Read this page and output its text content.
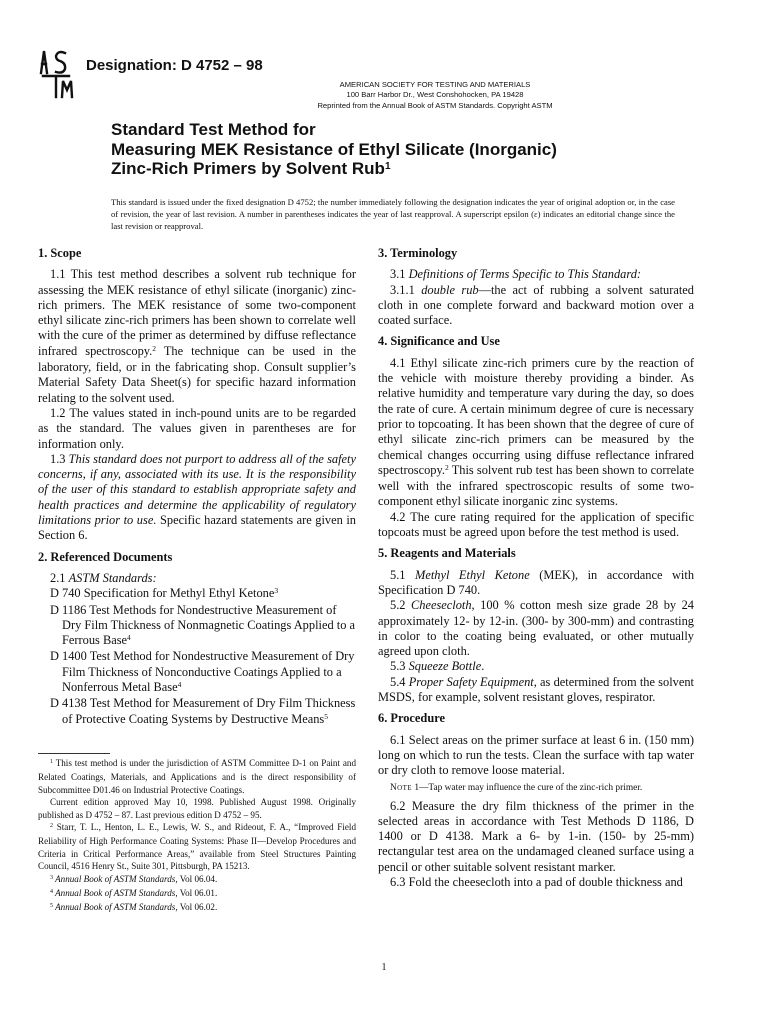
Designation: D 4752 – 98
AMERICAN SOCIETY FOR TESTING AND MATERIALS
100 Barr Harbor Dr., West Conshohocken, PA 19428
Reprinted from the Annual Book of ASTM Standards. Copyright ASTM
Standard Test Method for
Measuring MEK Resistance of Ethyl Silicate (Inorganic)
Zinc-Rich Primers by Solvent Rub$^1$
This standard is issued under the fixed designation D 4752; the number immediately following the designation indicates the year of original adoption or, in the case of revision, the year of last revision. A number in parentheses indicates the year of last reapproval. A superscript epsilon (ε) indicates an editorial change since the last revision or reapproval.
1. Scope

1.1 This test method describes a solvent rub technique for assessing the MEK resistance of ethyl silicate (inorganic) zinc-rich primers. The MEK resistance of some two-component ethyl silicate zinc-rich primers has been shown to correlate well with the cure of the primer as determined by diffuse reflectance infrared spectroscopy.$^2$ The technique can be used in the laboratory, field, or in the fabricating shop. Consult supplier’s Material Safety Data Sheet(s) for specific hazard information relating to the solvent used.

1.2 The values stated in inch-pound units are to be regarded as the standard. The values given in parentheses are for information only.

1.3 This standard does not purport to address all of the safety concerns, if any, associated with its use. It is the responsibility of the user of this standard to establish appropriate safety and health practices and determine the applicability of regulatory limitations prior to use. Specific hazard statements are given in Section 6.

2. Referenced Documents

2.1 ASTM Standards:

D 740 Specification for Methyl Ethyl Ketone$^3$

D 1186 Test Methods for Nondestructive Measurement of Dry Film Thickness of Nonmagnetic Coatings Applied to a Ferrous Base$^4$

D 1400 Test Method for Nondestructive Measurement of Dry Film Thickness of Nonconductive Coatings Applied to a Nonferrous Metal Base$^4$

D 4138 Test Method for Measurement of Dry Film Thickness of Protective Coating Systems by Destructive Means$^5$

$^1$ This test method is under the jurisdiction of ASTM Committee D-1 on Paint and Related Coatings, Materials, and Applications and is the direct responsibility of Subcommittee D01.46 on Industrial Protective Coatings.

Current edition approved May 10, 1998. Published August 1998. Originally published as D 4752 – 87. Last previous edition D 4752 – 95.

$^2$ Starr, T. L., Henton, L. E., Lewis, W. S., and Rideout, F. A., “Improved Field Reliability of High Performance Coating Systems: Phase II—Develop Procedures and Criteria in Critical Performance Areas,” available from Steel Structures Painting Council, 4516 Henry St., Suite 301, Pittsburgh, PA 15213.

$^3$ Annual Book of ASTM Standards, Vol 06.04.

$^4$ Annual Book of ASTM Standards, Vol 06.01.

$^5$ Annual Book of ASTM Standards, Vol 06.02.

3. Terminology

3.1 Definitions of Terms Specific to This Standard:

3.1.1 double rub—the act of rubbing a solvent saturated cloth in one complete forward and backward motion over a coated surface.

4. Significance and Use

4.1 Ethyl silicate zinc-rich primers cure by the reaction of the vehicle with moisture thereby providing a binder. As relative humidity and temperature vary during the day, so does the rate of cure. A certain minimum degree of cure is necessary prior to topcoating. It has been shown that the degree of cure of ethyl silicate zinc-rich primers can be measured by the chemical changes occurring using diffuse reflectance infrared spectroscopy.$^2$ This solvent rub test has been shown to correlate well with the infrared spectroscopic results of some two-component ethyl silicate inorganic zinc systems.

4.2 The cure rating required for the application of specific topcoats must be agreed upon before the test method is used.

5. Reagents and Materials

5.1 Methyl Ethyl Ketone (MEK), in accordance with Specification D 740.

5.2 Cheesecloth, 100 % cotton mesh size grade 28 by 24 approximately 12- by 12-in. (300- by 300-mm) and contrasting in color to the coating being evaluated, or other mutually agreed upon cloth.

5.3 Squeeze Bottle.

5.4 Proper Safety Equipment, as determined from the solvent MSDS, for example, solvent resistant gloves, respirator.

6. Procedure

6.1 Select areas on the primer surface at least 6 in. (150 mm) long on which to run the tests. Clean the surface with tap water or dry cloth to remove loose material.

Note 1—Tap water may influence the cure of the zinc-rich primer.

6.2 Measure the dry film thickness of the primer in the selected areas in accordance with Test Methods D 1186, D 1400 or D 4138. Mark a 6- by 1-in. (150- by 25-mm) rectangular test area on the undamaged cleaned surface using a pencil or other suitable solvent resistant marker.

6.3 Fold the cheesecloth into a pad of double thickness and

1
